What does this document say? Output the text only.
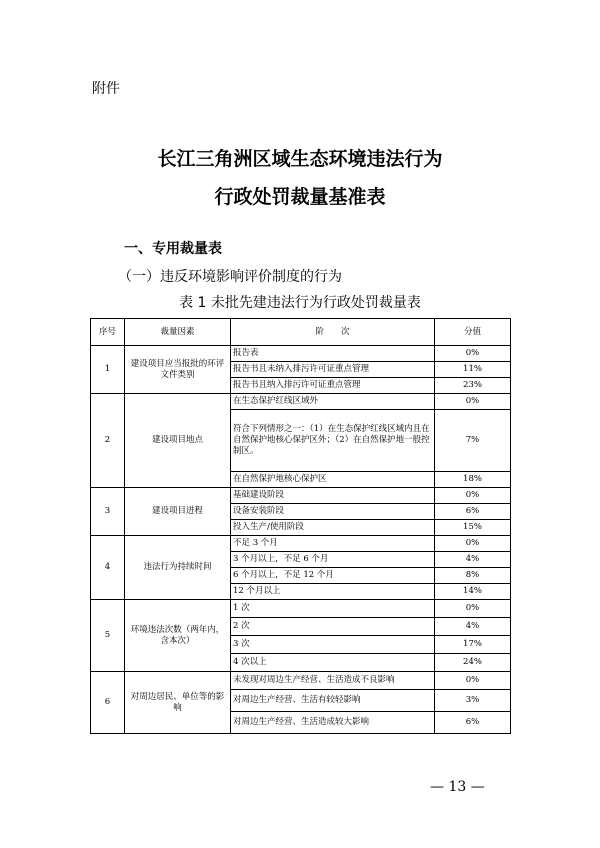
附件
长江三角洲区域生态环境违法行为
行政处罚裁量基准表
一、专用裁量表
（一）违反环境影响评价制度的行为
表 1 未批先建违法行为行政处罚裁量表
序号	裁量因素	阶　　次	分值
1	建设项目应当报批的环评文件类别	报告表	0%
		报告书且未纳入排污许可证重点管理	11%
		报告书且纳入排污许可证重点管理	23%
2	建设项目地点	在生态保护红线区域外	0%
		符合下列情形之一：（1）在生态保护红线区域内且在自然保护地核心保护区外；（2）在自然保护地一般控制区。	7%
		在自然保护地核心保护区	18%
3	建设项目进程	基础建设阶段	0%
		设备安装阶段	6%
		投入生产/使用阶段	15%
4	违法行为持续时间	不足 3 个月	0%
		3 个月以上，不足 6 个月	4%
		6 个月以上，不足 12 个月	8%
		12 个月以上	14%
5	环境违法次数（两年内，含本次）	1 次	0%
		2 次	4%
		3 次	17%
		4 次以上	24%
6	对周边居民、单位等的影响	未发现对周边生产经营、生活造成不良影响	0%
		对周边生产经营、生活有较轻影响	3%
		对周边生产经营、生活造成较大影响	6%
— 13 —
